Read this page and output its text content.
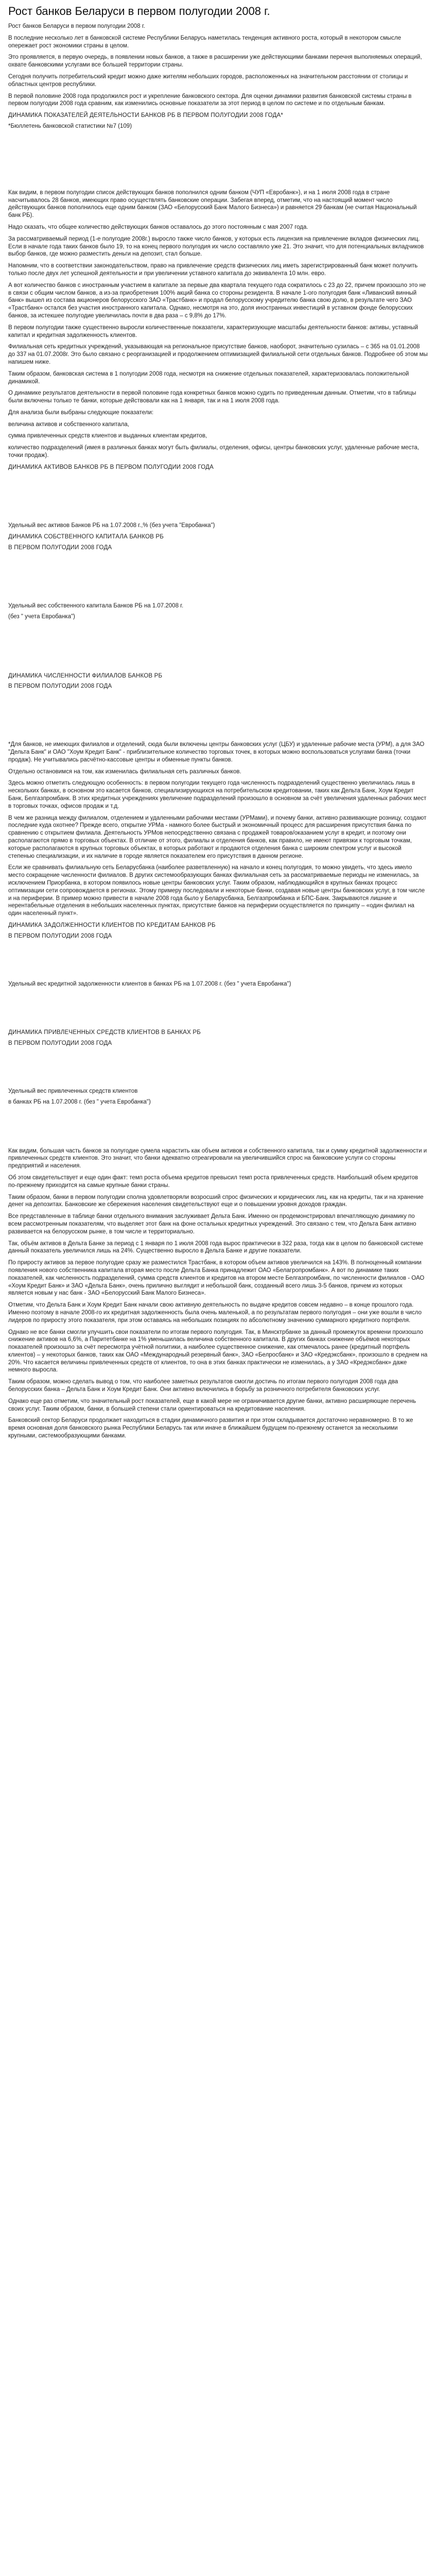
Рост банков Беларуси в первом полугодии 2008 г.

Рост банков Беларуси в первом полугодии 2008 г.

В последние несколько лет в банковской системе Республики Беларусь наметилась тенденция активного роста, который в некотором смысле опережает рост экономики страны в целом.

Это проявляется, в первую очередь, в появлении новых банков, а также в расширении уже действующими банками перечня выполняемых операций, охвате банковскими услугами все большей территории страны.

Сегодня получить потребительский кредит можно даже жителям небольших городов, расположенных на значительном расстоянии от столицы и областных центров республики.

В первой половине 2008 года продолжился рост и укрепление банковского сектора. Для оценки динамики развития банковской системы страны в первом полугодии 2008 года сравним, как изменились основные показатели за этот период в целом по системе и по отдельным банкам.

ДИНАМИКА ПОКАЗАТЕЛЕЙ ДЕЯТЕЛЬНОСТИ БАНКОВ РБ В ПЕРВОМ ПОЛУГОДИИ 2008 ГОДА*

*Бюллетень банковской статистики №7 (109)

Как видим, в первом полугодии список действующих банков пополнился одним банком (ЧУП «Евробанк»), и на 1 июля 2008 года в стране насчитывалось 28 банков, имеющих право осуществлять банковские операции. Забегая вперед, отметим, что на настоящий момент число действующих банков пополнилось еще одним банком (ЗАО «Белорусский Банк Малого Бизнеса») и равняется 29 банкам (не считая Национальный банк РБ).

Надо сказать, что общее количество действующих банков оставалось до этого постоянным с мая 2007 года.

За рассматриваемый период (1-е полугодие 2008г.) выросло также число банков, у которых есть лицензия на привлечение вкладов физических лиц. Если в начале года таких банков было 19, то на конец первого полугодия их число составляло уже 21. Это значит, что для потенциальных вкладчиков выбор банков, где можно разместить деньги на депозит, стал больше.

Напомним, что в соответствии законодательством, право на привлечение средств физических лиц иметь зарегистрированный банк может получить только после двух лет успешной деятельности и при увеличении уставного капитала до эквивалента 10 млн. евро.

А вот количество банков с иностранным участием в капитале за первые два квартала текущего года сократилось с 23 до 22, причем произошло это не в связи с общим числом банков, а из-за приобретения 100% акций банка со стороны резидента. В начале 1-ого полугодия банк «Ливанский винный банк» вышел из состава акционеров белорусского ЗАО «Трастбанк» и продал белорусскому учредителю банка свою долю, в результате чего ЗАО «Трастбанк» остался без участия иностранного капитала. Однако, несмотря на это, доля иностранных инвестиций в уставном фонде белорусских банков, за истекшее полугодие увеличилась почти в два раза – с 9,8% до 17%.

В первом полугодии также существенно выросли количественные показатели, характеризующие масштабы деятельности банков: активы, уставный капитал и кредитная задолженность клиентов.

Филиальная сеть кредитных учреждений, указывающая на региональное присутствие банков, наоборот, значительно сузилась – с 365 на 01.01.2008 до 337 на 01.07.2008г. Это было связано с реорганизацией и продолжением оптимизацией филиальной сети отдельных банков. Подробнее об этом мы напишем ниже.

Таким образом, банковская система в 1 полугодии 2008 года, несмотря на снижение отдельных показателей, характеризовалась положительной динамикой.

О динамике результатов деятельности в первой половине года конкретных банков можно судить по приведенным данным. Отметим, что в таблицы были включены только те банки, которые действовали как на 1 января, так и на 1 июля 2008 года.

Для анализа были выбраны следующие показатели:

величина активов и собственного капитала,

сумма привлеченных средств клиентов и выданных клиентам кредитов,

количество подразделений (имея в различных банках могут быть филиалы, отделения, офисы, центры банковских услуг, удаленные рабочие места, точки продаж).

ДИНАМИКА АКТИВОВ БАНКОВ РБ В ПЕРВОМ ПОЛУГОДИИ 2008 ГОДА

Удельный вес активов Банков РБ на 1.07.2008 г.,% (без учета "Евробанка")

ДИНАМИКА СОБСТВЕННОГО КАПИТАЛА БАНКОВ РБ

В ПЕРВОМ ПОЛУГОДИИ 2008 ГОДА

Удельный вес собственного капитала Банков РБ на 1.07.2008 г.

(без " учета Евробанка")

ДИНАМИКА ЧИСЛЕННОСТИ ФИЛИАЛОВ БАНКОВ РБ

В ПЕРВОМ ПОЛУГОДИИ 2008 ГОДА

*Для банков, не имеющих филиалов и отделений, сюда были включены центры банковских услуг (ЦБУ) и удаленные рабочие места (УРМ), а для ЗАО "Дельта Банк" и ОАО "Хоум Кредит Банк" - приблизительное количество торговых точек, в которых можно воспользоваться услугами банка (точки продаж). Не учитывались расчётно-кассовые центры и обменные пункты банков.

Отдельно остановимся на том, как изменилась филиальная сеть различных банков.

Здесь можно отметить следующую особенность: в первом полугодии текущего года численность подразделений существенно увеличилась лишь в нескольких банках, в основном это касается банков, специализирующихся на потребительском кредитовании, таких как Дельта Банк, Хоум Кредит Банк, Белгазпромбанк. В этих кредитных учреждениях увеличение подразделений произошло в основном за счёт увеличения удаленных рабочих мест в торговых точках, офисов продаж и т.д.

В чем же разница между филиалом, отделением и удаленными рабочими местами (УРМами), и почему банки, активно развивающие розницу, создают последние куда охотнее? Прежде всего, открытие УРМа - намного более быстрый и экономичный процесс для расширения присутствия банка по сравнению с открытием филиала. Деятельность УРМов непосредственно связана с продажей товаров/оказанием услуг в кредит, и поэтому они располагаются прямо в торговых объектах. В отличие от этого, филиалы и отделения банков, как правило, не имеют привязки к торговым точкам, которые располагаются в крупных торговых объектах, в которых работают и продаются отделения банка с широким спектром услуг и высокой степенью специализации, и их наличие в городе является показателем его присутствия в данном регионе.

Если же сравнивать филиальную сеть Беларусбанка (наиболее разветвленную) на начало и конец полугодия, то можно увидеть, что здесь имело место сокращение численности филиалов. В других системообразующих банках филиальная сеть за рассматриваемые периоды не изменилась, за исключением Приорбанка, в котором появилось новые центры банковских услуг. Таким образом, наблюдающийся в крупных банках процесс оптимизации сети сопровождается в регионах. Этому примеру последовали и некоторые банки, создавая новые центры банковских услуг, в том числе и на периферии. В пример можно привести в начале 2008 года было у Беларусбанка, Белгазпромбанка и БПС-Банк. Закрываются лишние и нерентабельные отделения в небольших населенных пунктах, присутствие банков на периферии осуществляется по принципу – «один филиал на один населенный пункт».

ДИНАМИКА ЗАДОЛЖЕННОСТИ КЛИЕНТОВ ПО КРЕДИТАМ БАНКОВ РБ

В ПЕРВОМ ПОЛУГОДИИ 2008 ГОДА

Удельный вес кредитной задолженности клиентов в банках РБ на 1.07.2008 г. (без " учета Евробанка")

ДИНАМИКА ПРИВЛЕЧЕННЫХ СРЕДСТВ КЛИЕНТОВ В БАНКАХ РБ

В ПЕРВОМ ПОЛУГОДИИ 2008 ГОДА

Удельный вес привлеченных средств клиентов

в банках РБ на 1.07.2008 г. (без " учета Евробанка")

Как видим, большая часть банков за полугодие сумела нарастить как объем активов и собственного капитала, так и сумму кредитной задолженности и привлеченных средств клиентов. Это значит, что банки адекватно отреагировали на увеличившийся спрос на банковские услуги со стороны предприятий и населения.

Об этом свидетельствует и еще один факт: темп роста объема кредитов превысил темп роста привлеченных средств. Наибольший объем кредитов по-прежнему приходится на самые крупные банки страны.

Таким образом, банки в первом полугодии сполна удовлетворяли возросший спрос физических и юридических лиц, как на кредиты, так и на хранение денег на депозитах. Банковские же сбережения населения свидетельствуют еще и о повышении уровня доходов граждан.

Все представленные в таблице банки отдельного внимания заслуживает Дельта Банк. Именно он продемонстрировал впечатляющую динамику по всем рассмотренным показателям, что выделяет этот банк на фоне остальных кредитных учреждений. Это связано с тем, что Дельта Банк активно развивается на белорусском рынке, в том числе и территориально.

Так, объём активов в Дельта Банке за период с 1 января по 1 июля 2008 года вырос практически в 322 раза, тогда как в целом по банковской системе данный показатель увеличился лишь на 24%. Существенно выросло в Дельта Банке и другие показатели.

По приросту активов за первое полугодие сразу же разместился Трастбанк, в котором объем активов увеличился на 143%. В полноценный компании появления нового собственника капитала вторая место после Дельта Банка принадлежит ОАО «Белагропромбанк». А вот по динамике таких показателей, как численность подразделений, сумма средств клиентов и кредитов на втором месте Белгазпромбанк, по численности филиалов - ОАО «Хоум Кредит Банк» и ЗАО «Дельта Банк», очень прилично выглядит и небольшой банк, созданный всего лишь 3-5 банков, причем из которых является новым у нас банк - ЗАО «Белорусский Банк Малого Бизнеса».

Отметим, что Дельта Банк и Хоум Кредит Банк начали свою активную деятельность по выдаче кредитов совсем недавно – в конце прошлого года. Именно поэтому в начале 2008-го их кредитная задолженность была очень маленькой, а по результатам первого полугодия – они уже вошли в число лидеров по приросту этого показателя, при этом оставаясь на небольших позициях по абсолютному значению суммарного кредитного портфеля.

Однако не все банки смогли улучшить свои показатели по итогам первого полугодия. Так, в Минсктрбанке за данный промежуток времени произошло снижение активов на 6,6%, а Паритетбанке на 1% уменьшилась величина собственного капитала. В других банках снижение объёмов некоторых показателей произошло за счёт пересмотра учётной политики, а наиболее существенное снижение, как отмечалось ранее (кредитный портфель клиентов) – у некоторых банков, таких как ОАО «Международный резервный банк», ЗАО «Белросбанк» и ЗАО «Кредэксбанк», произошло в среднем на 20%. Что касается величины привлеченных средств от клиентов, то она в этих банках практически не изменилась, а у ЗАО «Кредэксбанк» даже немного выросла.

Таким образом, можно сделать вывод о том, что наиболее заметных результатов смогли достичь по итогам первого полугодия 2008 года два белорусских банка – Дельта Банк и Хоум Кредит Банк. Они активно включились в борьбу за розничного потребителя банковских услуг.

Однако еще раз отметим, что значительный рост показателей, еще в какой мере не ограничивается другие банки, активно расширяющие перечень своих услуг. Таким образом, банки, в большей степени стали ориентироваться на кредитование населения.

Банковский сектор Беларуси продолжает находиться в стадии динамичного развития и при этом складывается достаточно неравномерно. В то же время основная доля банковского рынка Республики Беларусь так или иначе в ближайшем будущем по-прежнему останется за несколькими крупными, системообразующими банками.
